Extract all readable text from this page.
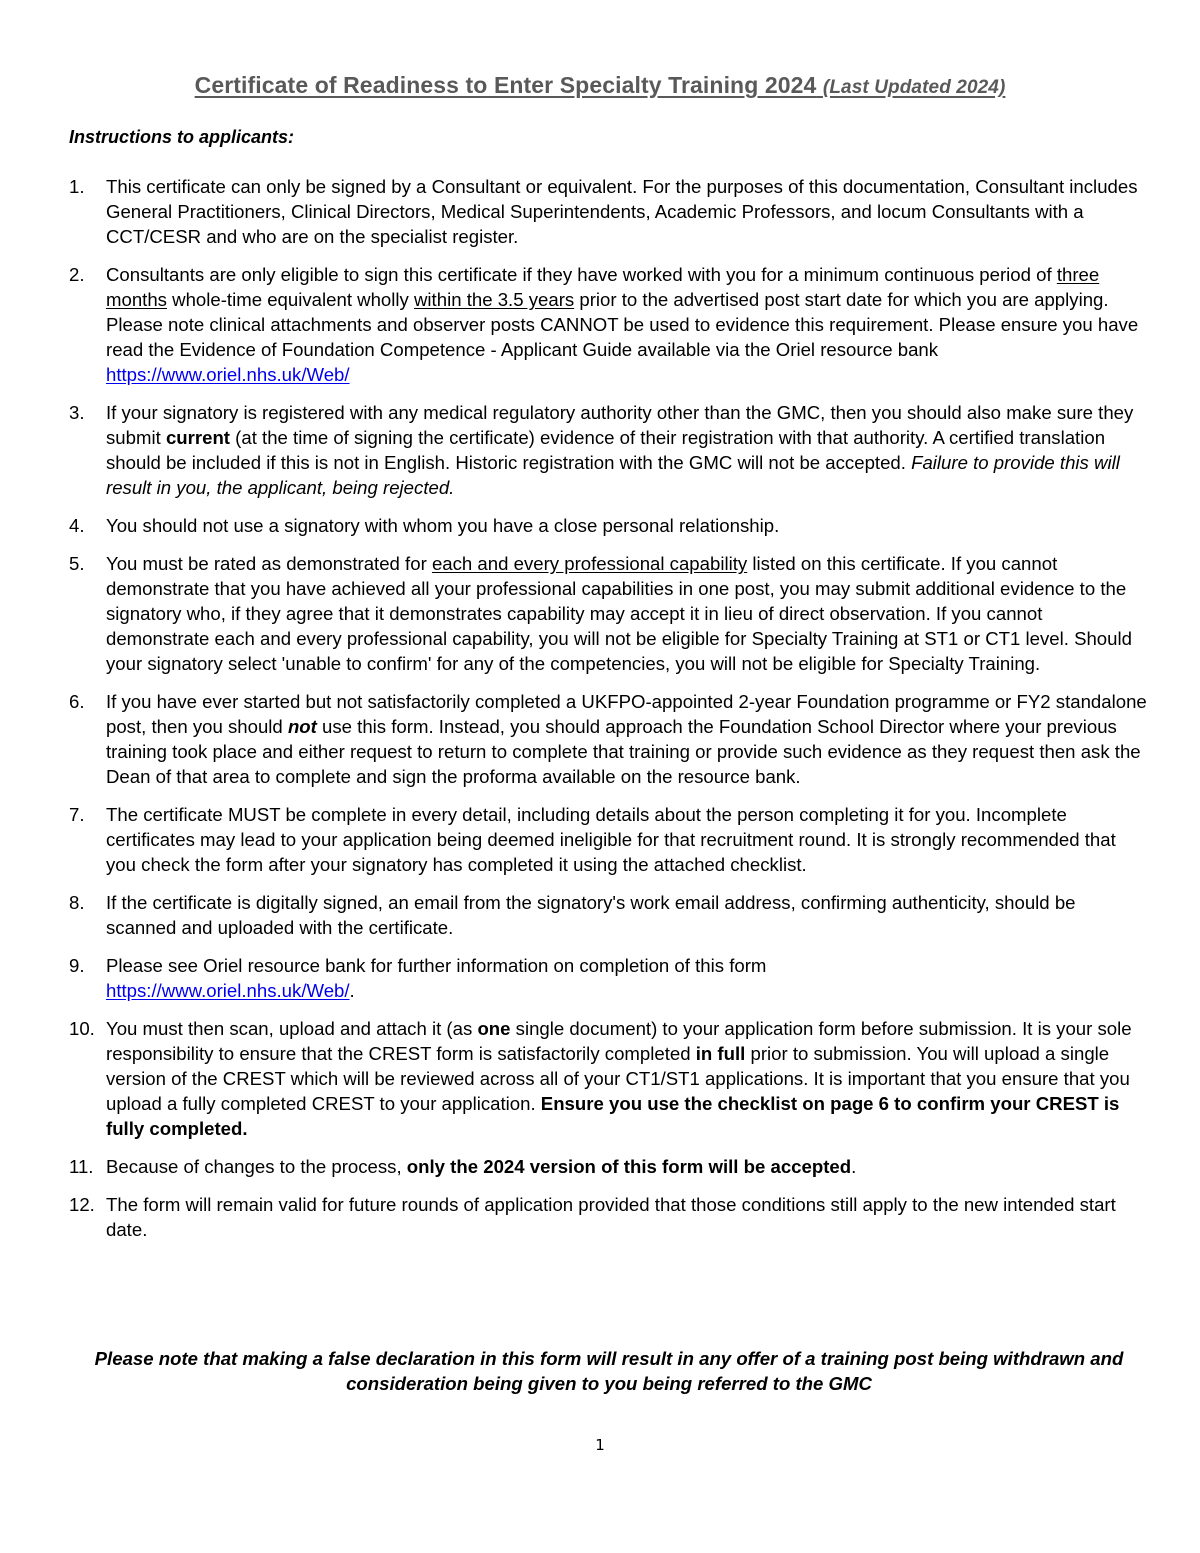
Certificate of Readiness to Enter Specialty Training 2024 (Last Updated 2024)
Instructions to applicants:
1. This certificate can only be signed by a Consultant or equivalent. For the purposes of this documentation, Consultant includes General Practitioners, Clinical Directors, Medical Superintendents, Academic Professors, and locum Consultants with a CCT/CESR and who are on the specialist register.
2. Consultants are only eligible to sign this certificate if they have worked with you for a minimum continuous period of three months whole-time equivalent wholly within the 3.5 years prior to the advertised post start date for which you are applying. Please note clinical attachments and observer posts CANNOT be used to evidence this requirement. Please ensure you have read the Evidence of Foundation Competence - Applicant Guide available via the Oriel resource bank https://www.oriel.nhs.uk/Web/
3. If your signatory is registered with any medical regulatory authority other than the GMC, then you should also make sure they submit current (at the time of signing the certificate) evidence of their registration with that authority. A certified translation should be included if this is not in English. Historic registration with the GMC will not be accepted. Failure to provide this will result in you, the applicant, being rejected.
4. You should not use a signatory with whom you have a close personal relationship.
5. You must be rated as demonstrated for each and every professional capability listed on this certificate. If you cannot demonstrate that you have achieved all your professional capabilities in one post, you may submit additional evidence to the signatory who, if they agree that it demonstrates capability may accept it in lieu of direct observation. If you cannot demonstrate each and every professional capability, you will not be eligible for Specialty Training at ST1 or CT1 level. Should your signatory select 'unable to confirm' for any of the competencies, you will not be eligible for Specialty Training.
6. If you have ever started but not satisfactorily completed a UKFPO-appointed 2-year Foundation programme or FY2 standalone post, then you should not use this form. Instead, you should approach the Foundation School Director where your previous training took place and either request to return to complete that training or provide such evidence as they request then ask the Dean of that area to complete and sign the proforma available on the resource bank.
7. The certificate MUST be complete in every detail, including details about the person completing it for you. Incomplete certificates may lead to your application being deemed ineligible for that recruitment round. It is strongly recommended that you check the form after your signatory has completed it using the attached checklist.
8. If the certificate is digitally signed, an email from the signatory's work email address, confirming authenticity, should be scanned and uploaded with the certificate.
9. Please see Oriel resource bank for further information on completion of this form
https://www.oriel.nhs.uk/Web/.
10. You must then scan, upload and attach it (as one single document) to your application form before submission. It is your sole responsibility to ensure that the CREST form is satisfactorily completed in full prior to submission. You will upload a single version of the CREST which will be reviewed across all of your CT1/ST1 applications. It is important that you ensure that you upload a fully completed CREST to your application. Ensure you use the checklist on page 6 to confirm your CREST is fully completed.
11. Because of changes to the process, only the 2024 version of this form will be accepted.
12. The form will remain valid for future rounds of application provided that those conditions still apply to the new intended start date.
Please note that making a false declaration in this form will result in any offer of a training post being withdrawn and consideration being given to you being referred to the GMC
1
